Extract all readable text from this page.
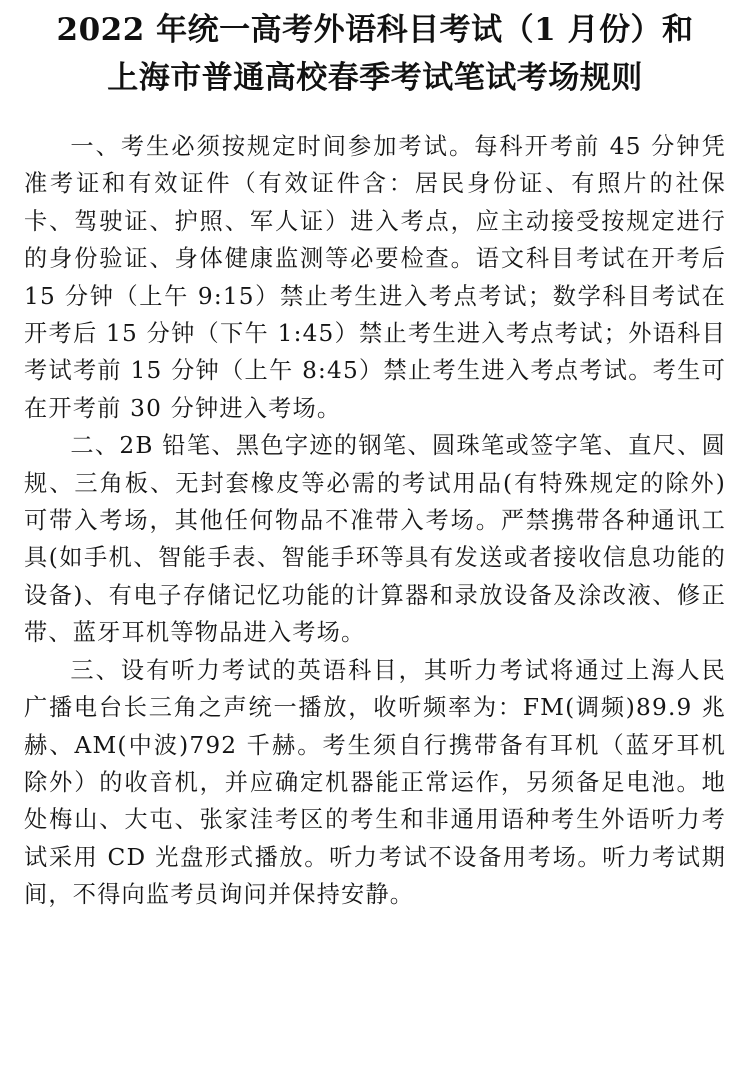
2022 年统一高考外语科目考试（1 月份）和
上海市普通高校春季考试笔试考场规则

一、考生必须按规定时间参加考试。每科开考前 45 分钟凭准考证和有效证件（有效证件含：居民身份证、有照片的社保卡、驾驶证、护照、军人证）进入考点，应主动接受按规定进行的身份验证、身体健康监测等必要检查。语文科目考试在开考后 15 分钟（上午 9:15）禁止考生进入考点考试；数学科目考试在开考后 15 分钟（下午 1:45）禁止考生进入考点考试；外语科目考试考前 15 分钟（上午 8:45）禁止考生进入考点考试。考生可在开考前 30 分钟进入考场。

二、2B 铅笔、黑色字迹的钢笔、圆珠笔或签字笔、直尺、圆规、三角板、无封套橡皮等必需的考试用品(有特殊规定的除外)可带入考场，其他任何物品不准带入考场。严禁携带各种通讯工具(如手机、智能手表、智能手环等具有发送或者接收信息功能的设备)、有电子存储记忆功能的计算器和录放设备及涂改液、修正带、蓝牙耳机等物品进入考场。

三、设有听力考试的英语科目，其听力考试将通过上海人民广播电台长三角之声统一播放，收听频率为：FM(调频)89.9 兆赫、AM(中波)792 千赫。考生须自行携带备有耳机（蓝牙耳机除外）的收音机，并应确定机器能正常运作，另须备足电池。地处梅山、大屯、张家洼考区的考生和非通用语种考生外语听力考试采用 CD 光盘形式播放。听力考试不设备用考场。听力考试期间，不得向监考员询问并保持安静。
